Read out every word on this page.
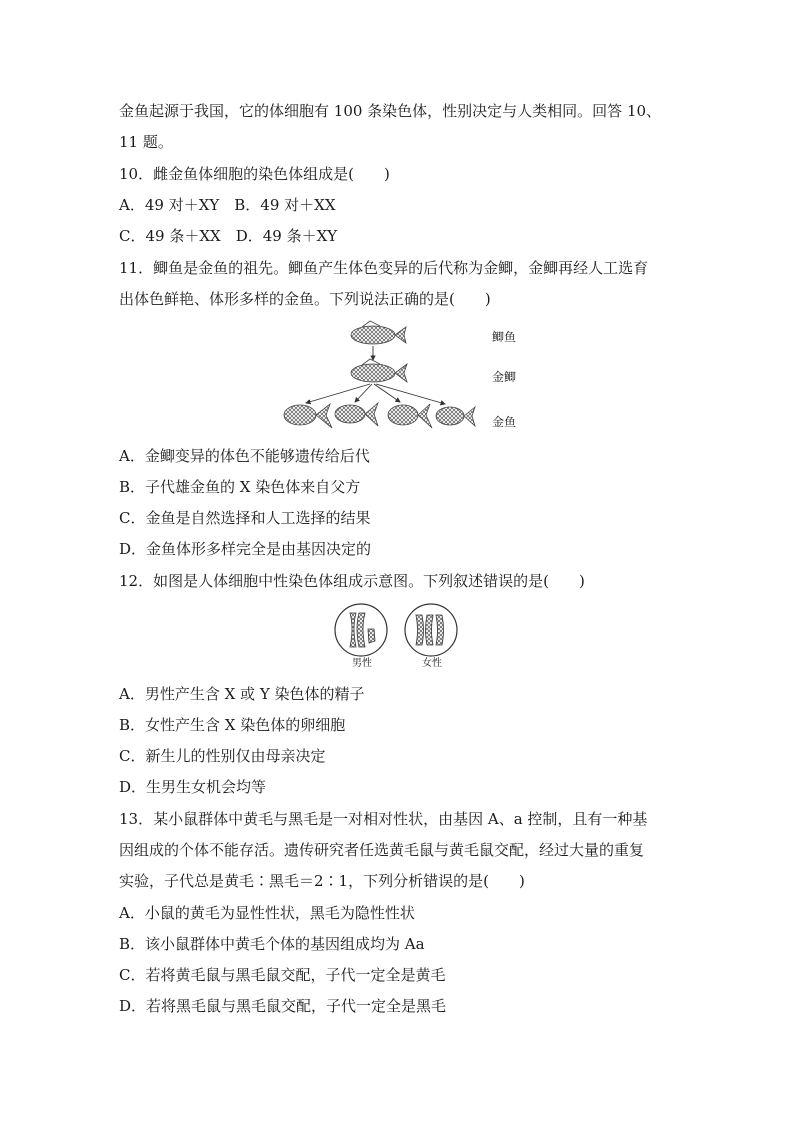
金鱼起源于我国，它的体细胞有 100 条染色体，性别决定与人类相同。回答 10、
11 题。
10．雌金鱼体细胞的染色体组成是(　　)
A．49 对＋XY　B．49 对＋XX
C．49 条＋XX　D．49 条＋XY
11．鲫鱼是金鱼的祖先。鲫鱼产生体色变异的后代称为金鲫，金鲫再经人工选育
出体色鲜艳、体形多样的金鱼。下列说法正确的是(　　)
鲫鱼
金鲫
金鱼
A．金鲫变异的体色不能够遗传给后代
B．子代雄金鱼的 X 染色体来自父方
C．金鱼是自然选择和人工选择的结果
D．金鱼体形多样完全是由基因决定的
12．如图是人体细胞中性染色体组成示意图。下列叙述错误的是(　　)
男性	女性
A．男性产生含 X 或 Y 染色体的精子
B．女性产生含 X 染色体的卵细胞
C．新生儿的性别仅由母亲决定
D．生男生女机会均等
13．某小鼠群体中黄毛与黑毛是一对相对性状，由基因 A、a 控制，且有一种基
因组成的个体不能存活。遗传研究者任选黄毛鼠与黄毛鼠交配，经过大量的重复
实验，子代总是黄毛∶黑毛＝2∶1，下列分析错误的是(　　)
A．小鼠的黄毛为显性性状，黑毛为隐性性状
B．该小鼠群体中黄毛个体的基因组成均为 Aa
C．若将黄毛鼠与黑毛鼠交配，子代一定全是黄毛
D．若将黑毛鼠与黑毛鼠交配，子代一定全是黑毛
